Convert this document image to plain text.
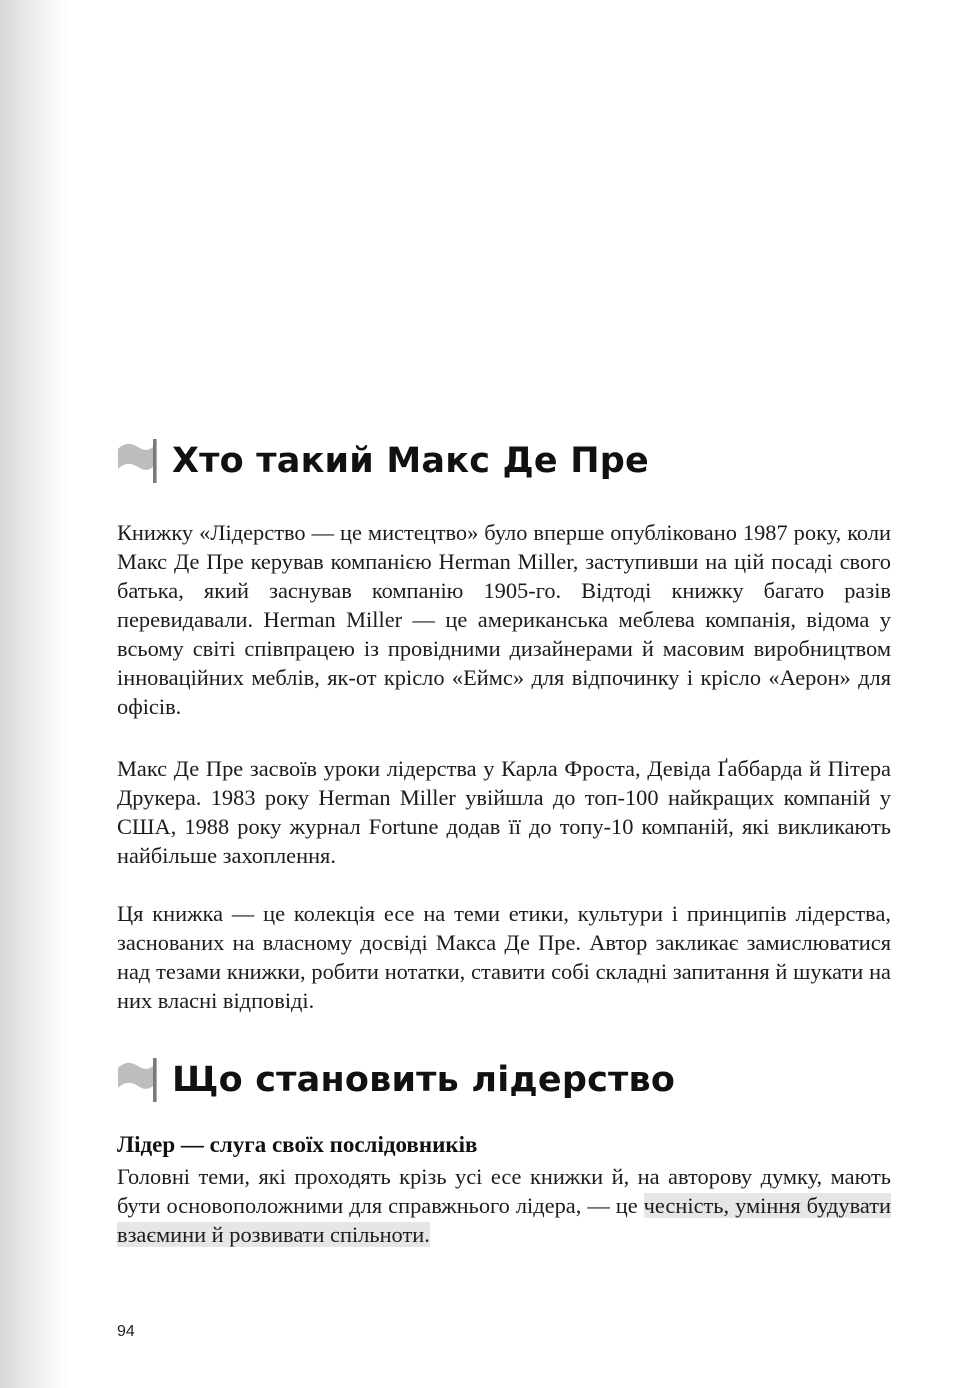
Хто такий Макс Де Пре

Книжку «Лідерство — це мистецтво» було вперше опубліковано 1987 року, коли Макс Де Пре керував компанією Herman Miller, заступивши на цій посаді свого батька, який заснував компанію 1905-го. Відтоді книжку багато разів перевидавали. Herman Miller — це американська меблева компанія, відома у всьому світі співпрацею із провідними дизайнерами й масовим виробництвом інноваційних меблів, як-от крісло «Еймс» для відпочинку і крісло «Аерон» для офісів.

Макс Де Пре засвоїв уроки лідерства у Карла Фроста, Девіда Ґаббарда й Пітера Друкера. 1983 року Herman Miller увійшла до топ-100 найкращих компаній у США, 1988 року журнал Fortune додав її до топу-10 компаній, які викликають найбільше захоплення.

Ця книжка — це колекція есе на теми етики, культури і принципів лідерства, заснованих на власному досвіді Макса Де Пре. Автор закликає замислюватися над тезами книжки, робити нотатки, ставити собі складні запитання й шукати на них власні відповіді.

Що становить лідерство
Лідер — слуга своїх послідовників

Головні теми, які проходять крізь усі есе книжки й, на авторову думку, мають бути основоположними для справжнього лідера, — це чесність, уміння будувати взаємини й розвивати спільноти.

94
